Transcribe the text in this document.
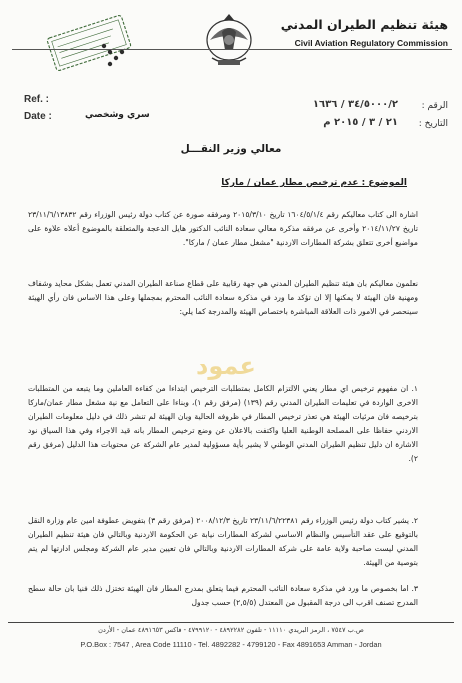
هيئة تنظيم الطيران المدني
Civil Aviation Regulatory Commission
Ref. :
Date :
الرقم :
التاريخ :
٣٤/٥٠٠٠/٢ / ١٦٣٦
٢١ / ٣ / ٢٠١٥ م
سري وشخصي
معالي وزير النقـــل
الموضوع : عدم ترخيص مطار عمان / ماركا
اشارة الى كتاب معاليكم رقم ١٦٠٤/٥/١/٤ تاريخ ٢٠١٥/٣/١٠ ومرفقه صورة عن كتاب دولة رئيس الوزراء رقم ٢٣/١١/٦/١٣٨٣٢ تاريخ ٢٠١٤/١١/٢٧ وأخرى عن مرفقه مذكرة معالي سعادة النائب الدكتور هايل الدعجة والمتعلقة بالموضوع أعلاه علاوة على مواضيع أخرى تتعلق بشركة المطارات الاردنية "مشغل مطار عمان / ماركا".
نعلمون معاليكم بان هيئة تنظيم الطيران المدني هي جهة رقابية على قطاع صناعة الطيران المدني تعمل بشكل محايد وشفاف ومهنية فان الهيئة لا يمكنها إلا ان تؤكد ما ورد في مذكرة سعادة النائب المحترم بمجملها وعلى هذا الاساس فان رأي الهيئة سينحصر في الامور ذات العلاقة المباشرة باختصاص الهيئة والمدرجة كما يلي:
عمود
١. ان مفهوم ترخيص اي مطار يعني الالتزام الكامل بمتطلبات الترخيص ابتداءا من كفاءة العاملين وما يتبعه من المتطلبات الاخرى الواردة في تعليمات الطيران المدني رقم (١٣٩) (مرفق رقم ١)، وبناءا على التعامل مع نية مشغل مطار عمان/ماركا بترخيصه فان مرئيات الهيئة هي تعذر ترخيص المطار في ظروفه الحالية وبان الهيئة لم تنشر ذلك في دليل معلومات الطيران الاردني حفاظا على المصلحة الوطنية العليا واكتفت بالاعلان عن وضع ترخيص المطار بانه قيد الاجراء وفي هذا السياق نود الاشارة ان دليل تنظيم الطيران المدني الوطني لا يشير بأية مسؤولية لمدير عام الشركة عن محتويات هذا الدليل (مرفق رقم ٢).
٢. يشير كتاب دولة رئيس الوزراء رقم ٢٣/١١/٦/٢٢٣٨١ تاريخ ٢٠٠٨/١٢/٣ (مرفق رقم ٣) بتفويض عطوفة امين عام وزارة النقل بالتوقيع على عقد التأسيس والنظام الاساسي لشركة المطارات نيابة عن الحكومة الاردنية وبالتالي فان هيئة تنظيم الطيران المدني ليست صاحبة ولاية عامة على شركة المطارات الاردنية وبالتالي فان تعيين مدير عام الشركة ومجلس ادارتها لم يتم بتوصية من الهيئة.
٣. اما بخصوص ما ورد في مذكرة سعادة النائب المحترم فيما يتعلق بمدرج المطار فان الهيئة تختزل ذلك فنيا بان حالة سطح المدرج تصنف اقرب الى درجة المقبول من المعتدل (٢,٥/٥) حسب جدول
ص.ب ٧٥٤٧ ، الرمز البريدي ١١١١٠ - تلفون ٤٨٩٢٢٨٢ - ٤٧٩٩١٢٠ - فاكس ٤٨٩١٦٥٣ عمان - الأردن
P.O.Box : 7547 , Area Code 11110 - Tel. 4892282 - 4799120 - Fax 4891653 Amman - Jordan
